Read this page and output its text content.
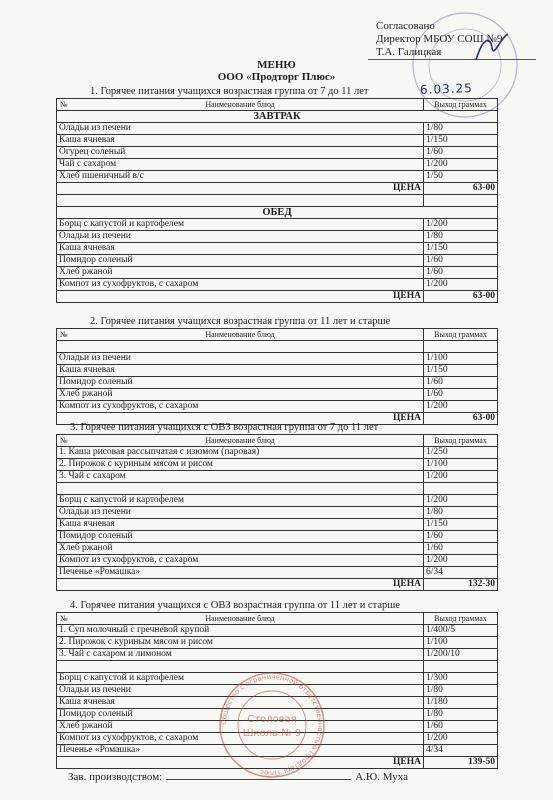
Согласовано
Директор МБОУ СОШ №9
Т.А. Галицкая
6.03.25
МЕНЮ
ООО «Продторг Плюс»
1. Горячее питания учащихся возрастная группа от 7 до 11 лет
№ Наименование блюд	Выход граммах
ЗАВТРАК	
Оладьи из печени	1/80
Каша ячневая	1/150
Огурец соленый	1/60
Чай с сахаром	1/200
Хлеб пшеничный в/с	1/50
ЦЕНА	63-00

ОБЕД	
Борщ с капустой и картофелем	1/200
Оладьи из печени	1/80
Каша ячневая	1/150
Помидор соленый	1/60
Хлеб ржаной	1/60
Компот из сухофруктов, с сахаром	1/200
ЦЕНА	63-00
2. Горячее питания учащихся возрастная группа от 11 лет и старше
№ Наименование блюд	Выход граммах

Оладьи из печени	1/100
Каша ячневая	1/150
Помидор соленый	1/60
Хлеб ржаной	1/60
Компот из сухофруктов, с сахаром	1/200
ЦЕНА	63-00
3. Горячее питания учащихся с ОВЗ возрастная группа от 7 до 11 лет
№ Наименование блюд	Выход граммах
1. Каша рисовая рассыпчатая с изюмом (паровая)	1/250
2. Пирожок с куриным мясом и рисом	1/100
3. Чай с сахаром	1/200

Борщ с капустой и картофелем	1/200
Оладьи из печени	1/80
Каша ячневая	1/150
Помидор соленый	1/60
Хлеб ржаной	1/60
Компот из сухофруктов, с сахаром	1/200
Печенье «Ромашка»	6/34
ЦЕНА	132-30
4. Горячее питания учащихся с ОВЗ возрастная группа от 11 лет и старше
№ Наименование блюд	Выход граммах
1. Суп молочный с гречневой крупой	1/400/5
2. Пирожок с куриным мясом и рисом	1/100
3. Чай с сахаром и лимоном	1/200/10

Борщ с капустой и картофелем	1/300
Оладьи из печени	1/80
Каша ячневая	1/180
Помидор соленый	1/80
Хлеб ржаной	1/60
Компот из сухофруктов, с сахаром	1/200
Печенье «Ромашка»	4/34
ЦЕНА	139-50
Общество с ограниченной ответственностью Продторг Плюс
Столовая
Школа № 9
Зав. производством:	А.Ю. Муха
